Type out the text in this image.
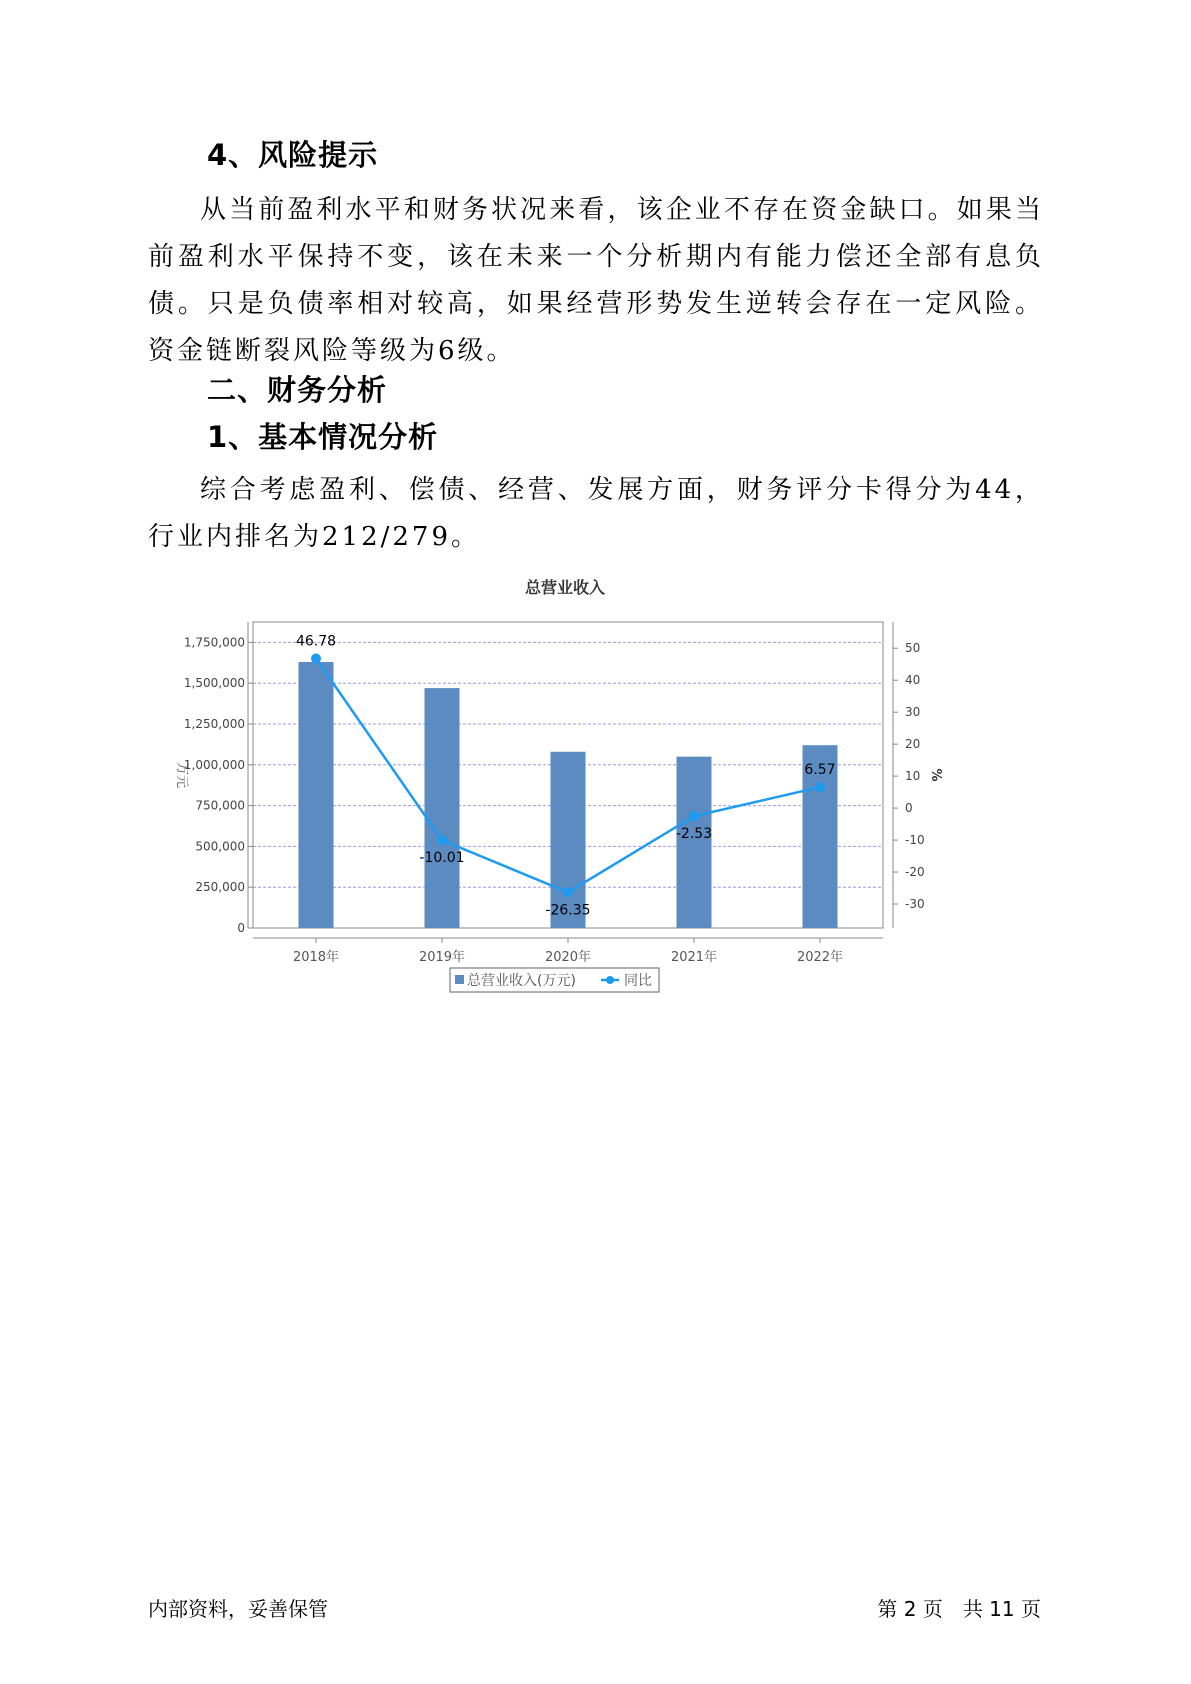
4、风险提示
从当前盈利水平和财务状况来看，该企业不存在资金缺口。如果当前盈利水平保持不变，该在未来一个分析期内有能力偿还全部有息负债。只是负债率相对较高，如果经营形势发生逆转会存在一定风险。资金链断裂风险等级为6级。
二、财务分析
1、基本情况分析
综合考虑盈利、偿债、经营、发展方面，财务评分卡得分为44，行业内排名为212/279。
总营业收入
46.78
-10.01
-26.35
-2.53
6.57
0
250,000
500,000
750,000
1,000,000
1,250,000
1,500,000
1,750,000
-30
-20
-10
0
10
20
30
40
50
2018年	2019年	2020年	2021年	2022年
万元	%
总营业收入(万元)	同比
内部资料，妥善保管	第 2 页　共 11 页
